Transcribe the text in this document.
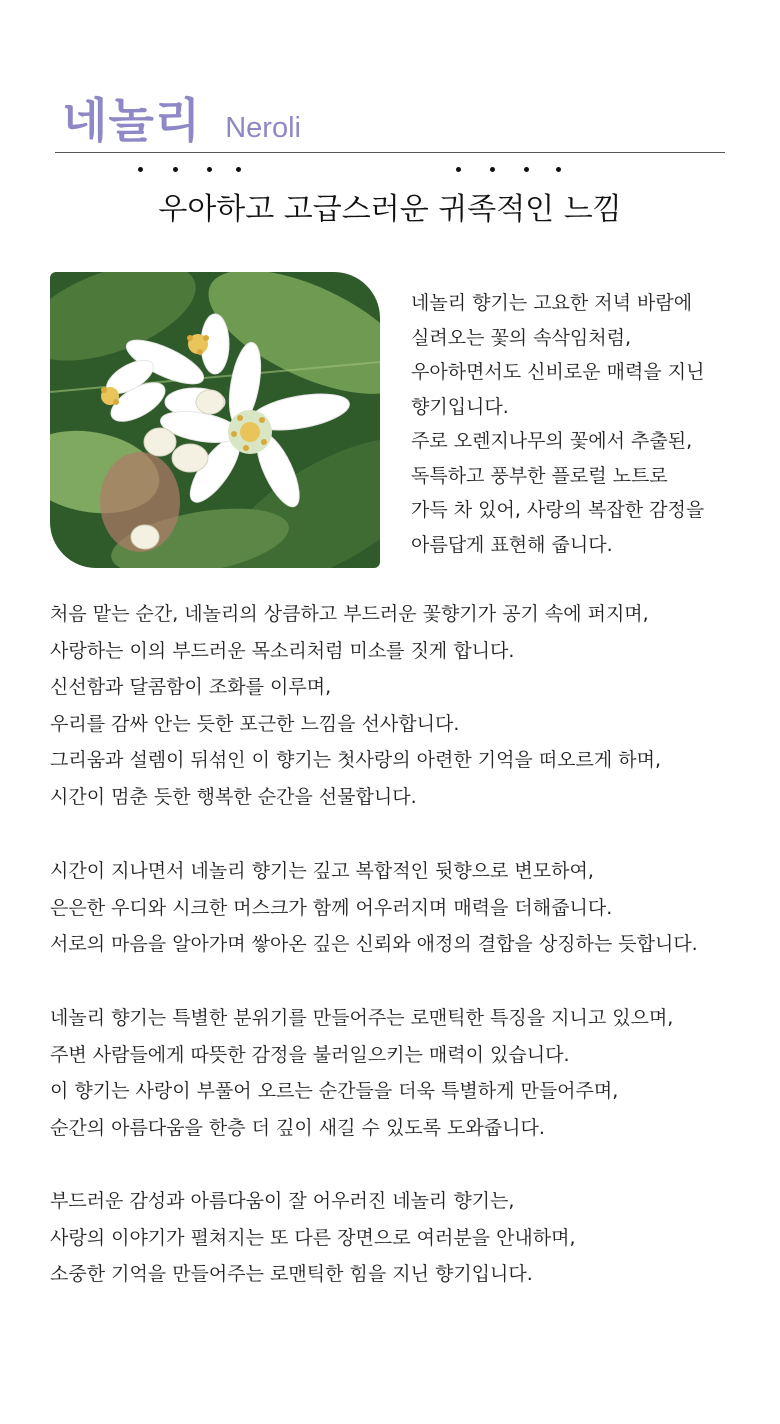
네놀리 Neroli
우아하고 고급스러운 귀족적인 느낌
네놀리 향기는 고요한 저녁 바람에
실려오는 꽃의 속삭임처럼,
우아하면서도 신비로운 매력을 지닌
향기입니다.
주로 오렌지나무의 꽃에서 추출된,
독특하고 풍부한 플로럴 노트로
가득 차 있어, 사랑의 복잡한 감정을
아름답게 표현해 줍니다.
처음 맡는 순간, 네놀리의 상큼하고 부드러운 꽃향기가 공기 속에 퍼지며,
사랑하는 이의 부드러운 목소리처럼 미소를 짓게 합니다.
신선함과 달콤함이 조화를 이루며,
우리를 감싸 안는 듯한 포근한 느낌을 선사합니다.
그리움과 설렘이 뒤섞인 이 향기는 첫사랑의 아련한 기억을 떠오르게 하며,
시간이 멈춘 듯한 행복한 순간을 선물합니다.
시간이 지나면서 네놀리 향기는 깊고 복합적인 뒷향으로 변모하여,
은은한 우디와 시크한 머스크가 함께 어우러지며 매력을 더해줍니다.
서로의 마음을 알아가며 쌓아온 깊은 신뢰와 애정의 결합을 상징하는 듯합니다.
네놀리 향기는 특별한 분위기를 만들어주는 로맨틱한 특징을 지니고 있으며,
주변 사람들에게 따뜻한 감정을 불러일으키는 매력이 있습니다.
이 향기는 사랑이 부풀어 오르는 순간들을 더욱 특별하게 만들어주며,
순간의 아름다움을 한층 더 깊이 새길 수 있도록 도와줍니다.
부드러운 감성과 아름다움이 잘 어우러진 네놀리 향기는,
사랑의 이야기가 펼쳐지는 또 다른 장면으로 여러분을 안내하며,
소중한 기억을 만들어주는 로맨틱한 힘을 지닌 향기입니다.
